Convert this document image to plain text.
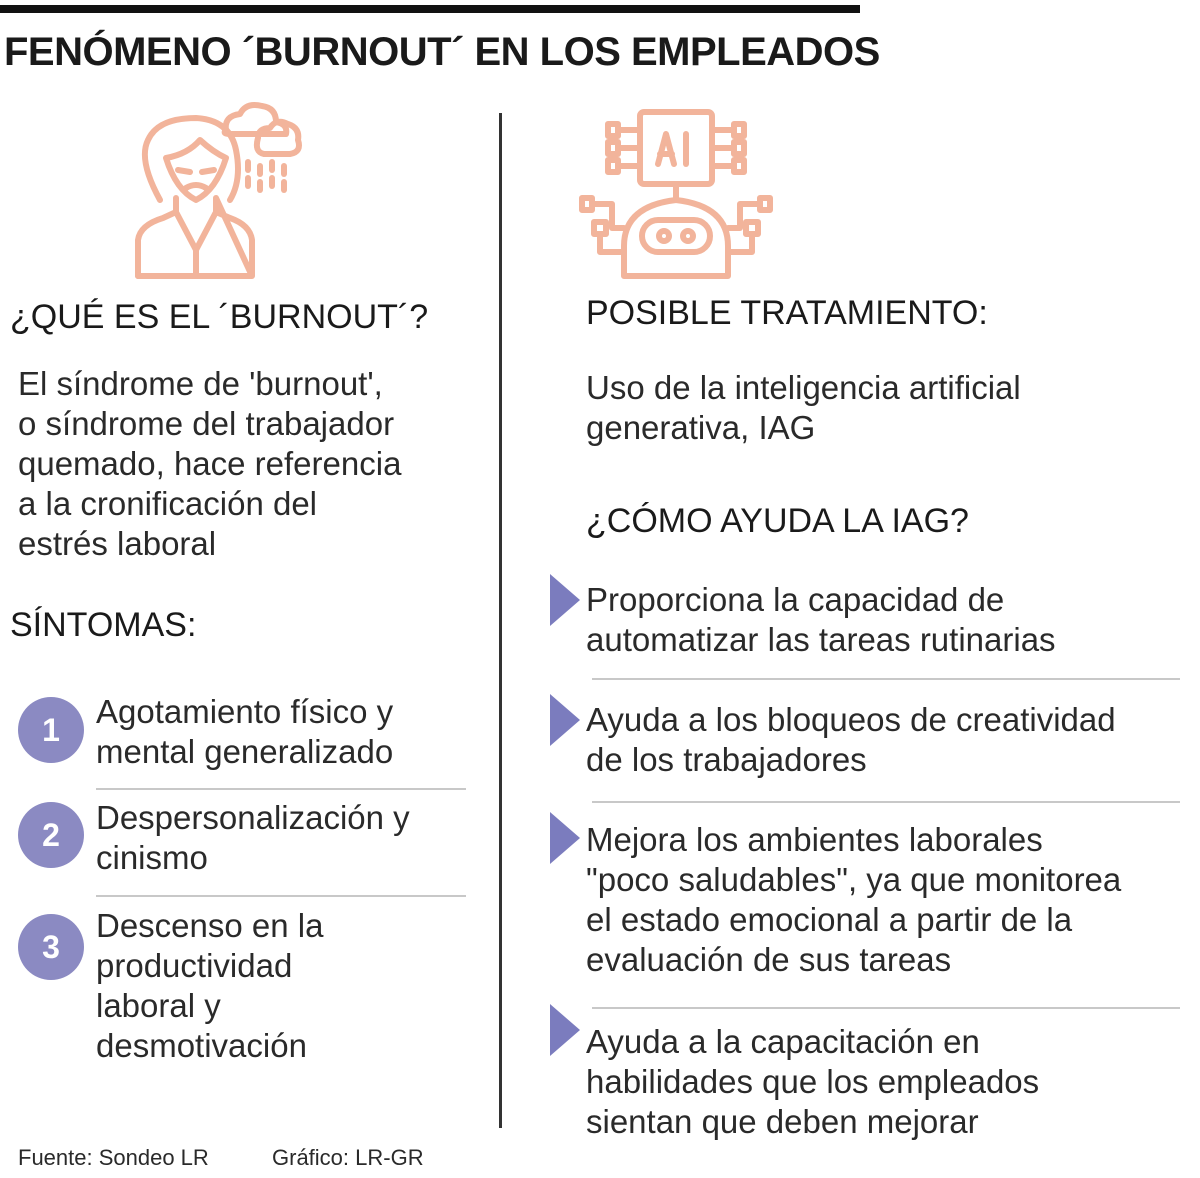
FENÓMENO ´BURNOUT´ EN LOS EMPLEADOS
¿QUÉ ES EL ´BURNOUT´?
El síndrome de 'burnout',
o síndrome del trabajador
quemado, hace referencia
a la cronificación del
estrés laboral
SÍNTOMAS:
1	Agotamiento físico y
mental generalizado
2	Despersonalización y
cinismo
3
Descenso en la
productividad
laboral y
desmotivación
POSIBLE TRATAMIENTO:
Uso de la inteligencia artificial
generativa, IAG
¿CÓMO AYUDA LA IAG?
Proporciona la capacidad de
automatizar las tareas rutinarias
Ayuda a los bloqueos de creatividad
de los trabajadores
Mejora los ambientes laborales
"poco saludables", ya que monitorea
el estado emocional a partir de la
evaluación de sus tareas
Ayuda a la capacitación en
habilidades que los empleados
sientan que deben mejorar
Fuente: Sondeo LR	Gráfico: LR-GR
